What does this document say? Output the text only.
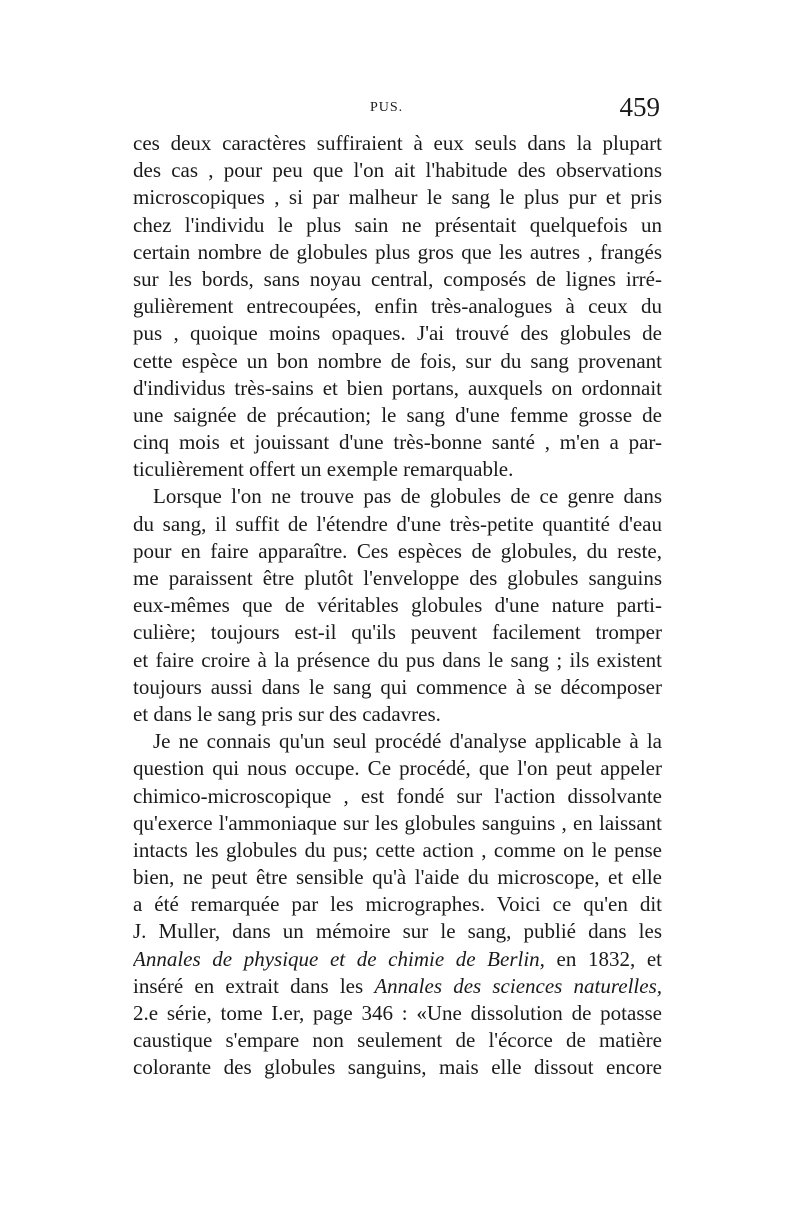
PUS.	459
ces deux caractères suffiraient à eux seuls dans la plupart
des cas , pour peu que l'on ait l'habitude des observations
microscopiques , si par malheur le sang le plus pur et pris
chez l'individu le plus sain ne présentait quelquefois un
certain nombre de globules plus gros que les autres , frangés
sur les bords, sans noyau central, composés de lignes irré-
gulièrement entrecoupées, enfin très-analogues à ceux du
pus , quoique moins opaques. J'ai trouvé des globules de
cette espèce un bon nombre de fois, sur du sang provenant
d'individus très-sains et bien portans, auxquels on ordonnait
une saignée de précaution; le sang d'une femme grosse de
cinq mois et jouissant d'une très-bonne santé , m'en a par-
ticulièrement offert un exemple remarquable.
Lorsque l'on ne trouve pas de globules de ce genre dans
du sang, il suffit de l'étendre d'une très-petite quantité d'eau
pour en faire apparaître. Ces espèces de globules, du reste,
me paraissent être plutôt l'enveloppe des globules sanguins
eux-mêmes que de véritables globules d'une nature parti-
culière; toujours est-il qu'ils peuvent facilement tromper
et faire croire à la présence du pus dans le sang ; ils existent
toujours aussi dans le sang qui commence à se décomposer
et dans le sang pris sur des cadavres.
Je ne connais qu'un seul procédé d'analyse applicable à la
question qui nous occupe. Ce procédé, que l'on peut appeler
chimico-microscopique , est fondé sur l'action dissolvante
qu'exerce l'ammoniaque sur les globules sanguins , en laissant
intacts les globules du pus; cette action , comme on le pense
bien, ne peut être sensible qu'à l'aide du microscope, et elle
a été remarquée par les micrographes. Voici ce qu'en dit
J. Muller, dans un mémoire sur le sang, publié dans les
Annales de physique et de chimie de Berlin, en 1832, et
inséré en extrait dans les Annales des sciences naturelles,
2.e série, tome I.er, page 346 : «Une dissolution de potasse
caustique s'empare non seulement de l'écorce de matière
colorante des globules sanguins, mais elle dissout encore
